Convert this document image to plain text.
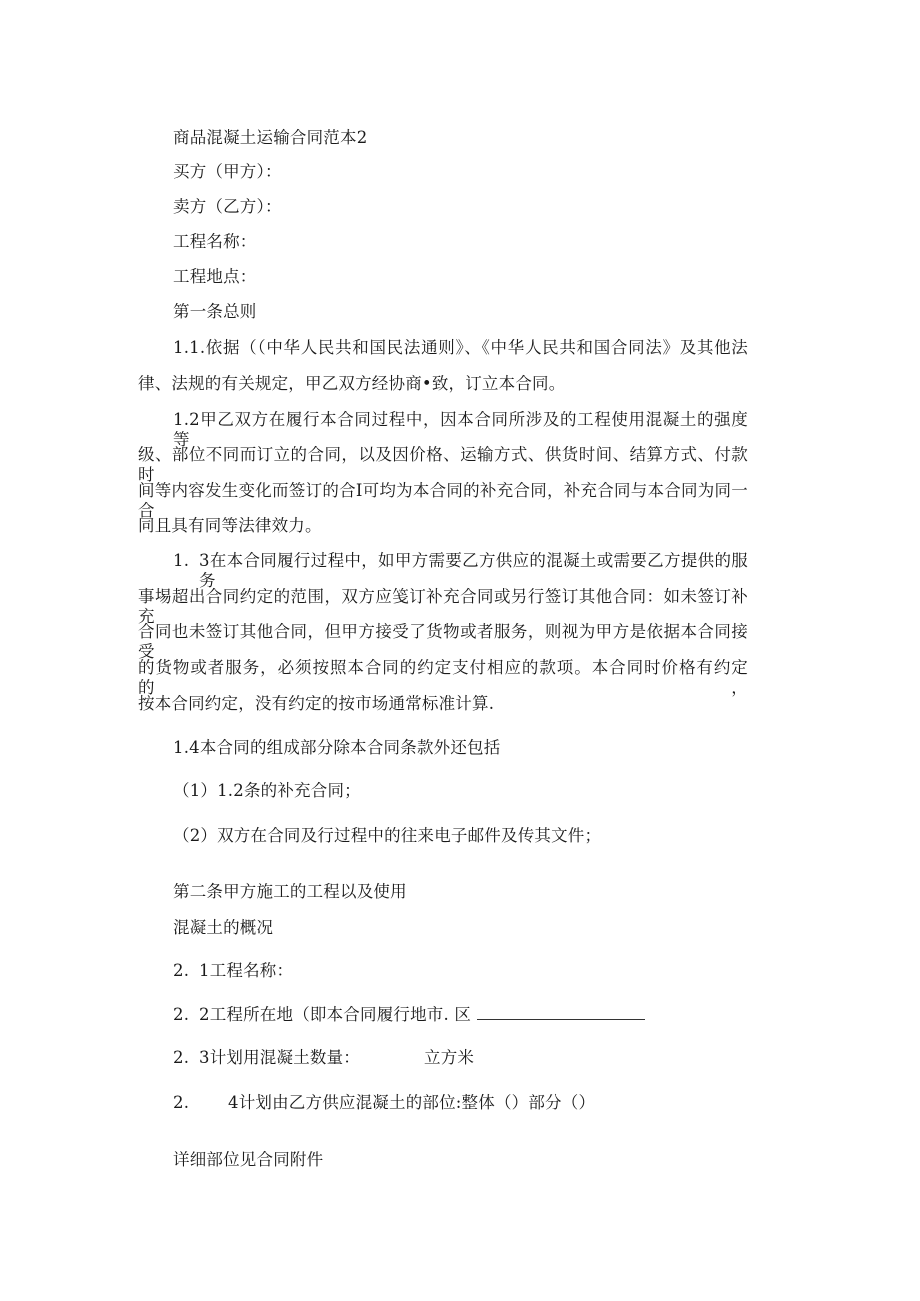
商品混凝土运输合同范本2
买方（甲方）：
卖方（乙方）：
工程名称：
工程地点：
第一条总则
1.1.依据（（中华人民共和国民法通则》、《中华人民共和国合同法》及其他法
律、法规的有关规定，甲乙双方经协商•致，订立本合同。
1.2甲乙双方在履行本合同过程中，因本合同所涉及的工程使用混凝土的强度等
级、部位不同而订立的合同，以及因价格、运输方式、供货时间、结算方式、付款时
间等内容发生变化而签订的合Ⅰ可均为本合同的补充合同，补充合同与本合同为同一合
同且具有同等法律效力。
1. 3在本合同履行过程中，如甲方需要乙方供应的混凝土或需要乙方提供的服务
事埸超出合同约定的范围，双方应笺订补充合同或另行签订其他合同：如未签订补充
合同也未签订其他合同，但甲方接受了货物或者服务，则视为甲方是依据本合同接受
的货物或者服务，必须按照本合同的约定支付相应的款项。本合同时价格有约定的，
按本合同约定，没有约定的按市场通常标准计算.
1.4本合同的组成部分除本合同条款外还包括
（1）1.2条的补充合同；
（2）双方在合同及行过程中的往来电子邮件及传其文件；
第二条甲方施工的工程以及使用
混凝土的概况
2. 1工程名称：
2. 2工程所在地（即本合同履行地市. 区
2. 3计划用混凝土数量：	立方米
2. 4计划由乙方供应混凝土的部位:整体（）部分（）
详细部位见合同附件
